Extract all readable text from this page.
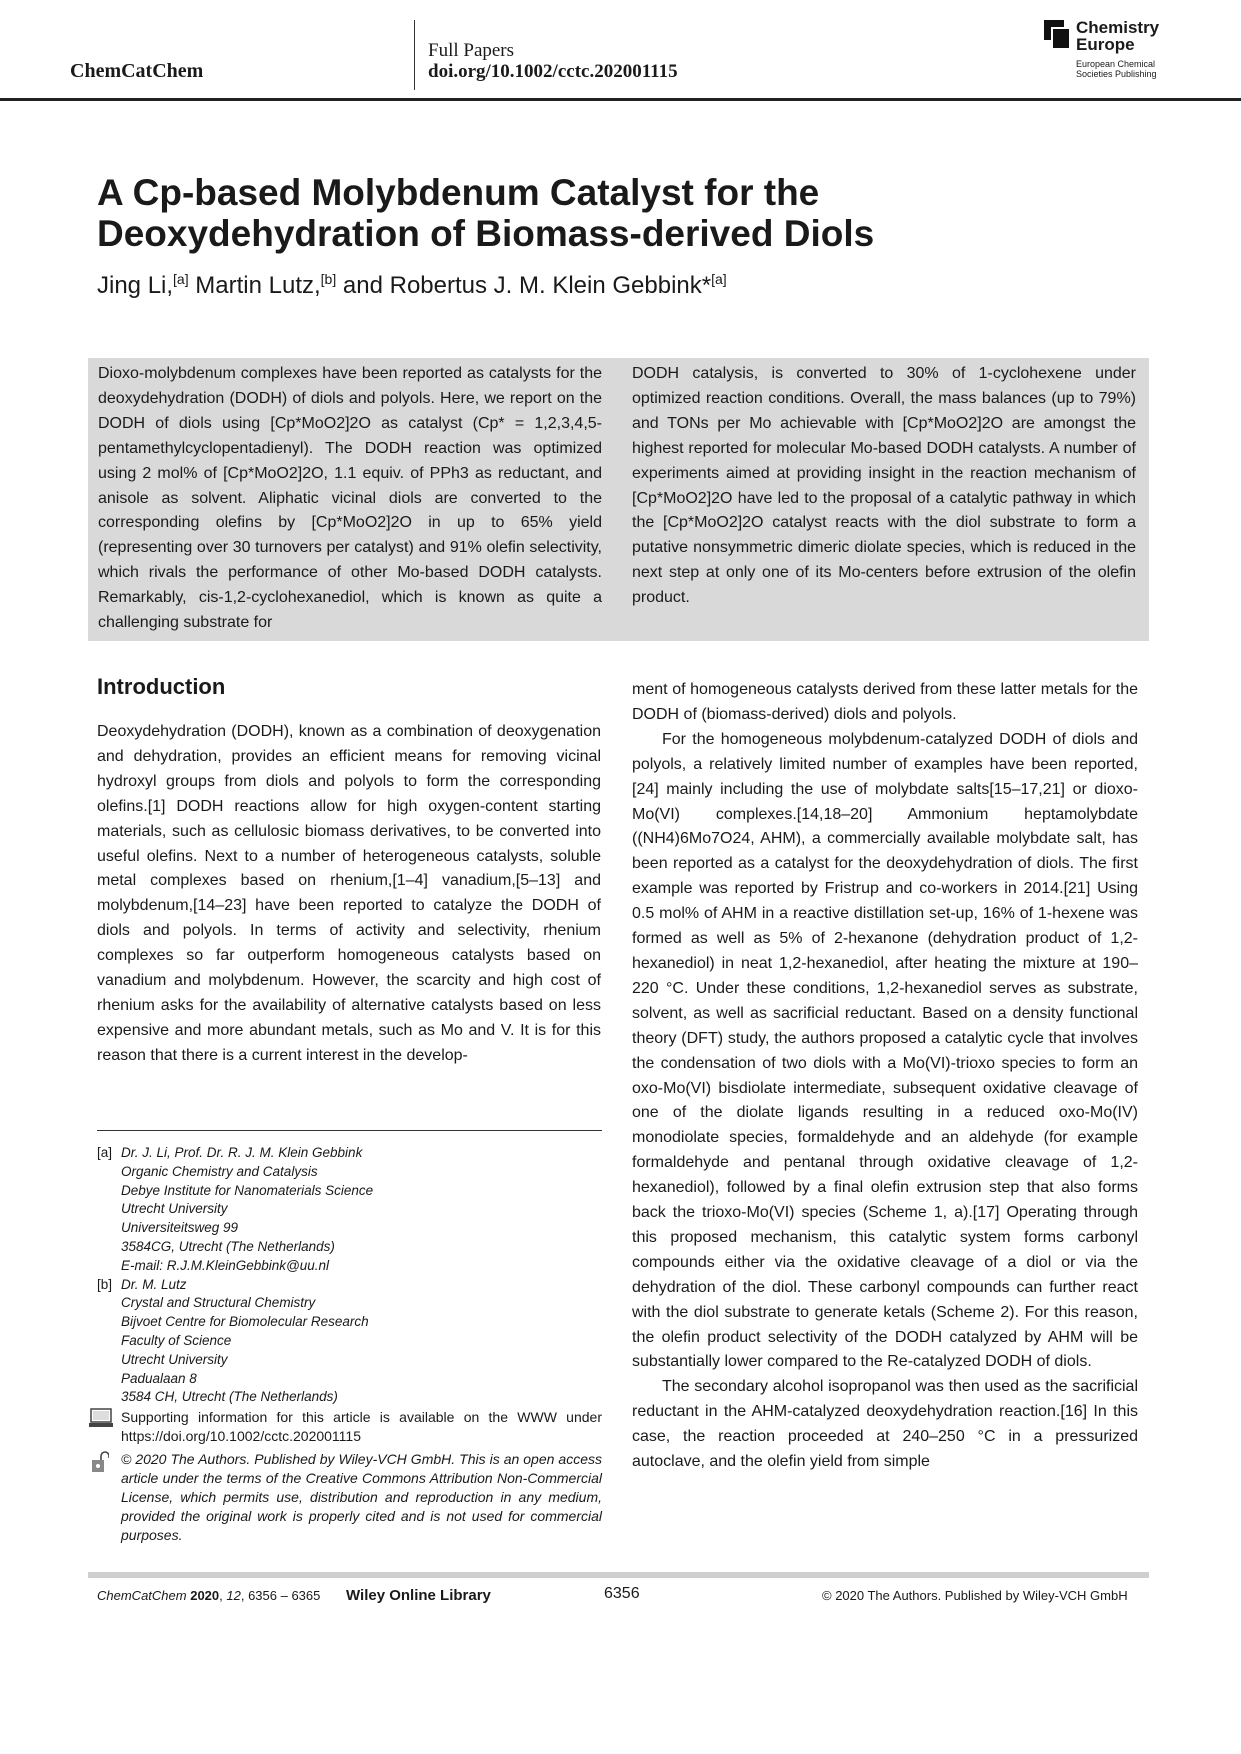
ChemCatChem
Full Papers
doi.org/10.1002/cctc.202001115
Chemistry
Europe
European Chemical
Societies Publishing
A Cp-based Molybdenum Catalyst for the
Deoxydehydration of Biomass-derived Diols
Jing Li,[a] Martin Lutz,[b] and Robertus J. M. Klein Gebbink*[a]
Dioxo-molybdenum complexes have been reported as catalysts for the deoxydehydration (DODH) of diols and polyols. Here, we report on the DODH of diols using [Cp*MoO2]2O as catalyst (Cp* = 1,2,3,4,5-pentamethylcyclopentadienyl). The DODH reaction was optimized using 2 mol% of [Cp*MoO2]2O, 1.1 equiv. of PPh3 as reductant, and anisole as solvent. Aliphatic vicinal diols are converted to the corresponding olefins by [Cp*MoO2]2O in up to 65% yield (representing over 30 turnovers per catalyst) and 91% olefin selectivity, which rivals the performance of other Mo-based DODH catalysts. Remarkably, cis-1,2-cyclohexanediol, which is known as quite a challenging substrate for
DODH catalysis, is converted to 30% of 1-cyclohexene under optimized reaction conditions. Overall, the mass balances (up to 79%) and TONs per Mo achievable with [Cp*MoO2]2O are amongst the highest reported for molecular Mo-based DODH catalysts. A number of experiments aimed at providing insight in the reaction mechanism of [Cp*MoO2]2O have led to the proposal of a catalytic pathway in which the [Cp*MoO2]2O catalyst reacts with the diol substrate to form a putative nonsymmetric dimeric diolate species, which is reduced in the next step at only one of its Mo-centers before extrusion of the olefin product.
Introduction

Deoxydehydration (DODH), known as a combination of deoxygenation and dehydration, provides an efficient means for removing vicinal hydroxyl groups from diols and polyols to form the corresponding olefins.[1] DODH reactions allow for high oxygen-content starting materials, such as cellulosic biomass derivatives, to be converted into useful olefins. Next to a number of heterogeneous catalysts, soluble metal complexes based on rhenium,[1–4] vanadium,[5–13] and molybdenum,[14–23] have been reported to catalyze the DODH of diols and polyols. In terms of activity and selectivity, rhenium complexes so far outperform homogeneous catalysts based on vanadium and molybdenum. However, the scarcity and high cost of rhenium asks for the availability of alternative catalysts based on less expensive and more abundant metals, such as Mo and V. It is for this reason that there is a current interest in the develop-

ment of homogeneous catalysts derived from these latter metals for the DODH of (biomass-derived) diols and polyols.

For the homogeneous molybdenum-catalyzed DODH of diols and polyols, a relatively limited number of examples have been reported,[24] mainly including the use of molybdate salts[15–17,21] or dioxo-Mo(VI) complexes.[14,18–20] Ammonium heptamolybdate ((NH4)6Mo7O24, AHM), a commercially available molybdate salt, has been reported as a catalyst for the deoxydehydration of diols. The first example was reported by Fristrup and co-workers in 2014.[21] Using 0.5 mol% of AHM in a reactive distillation set-up, 16% of 1-hexene was formed as well as 5% of 2-hexanone (dehydration product of 1,2-hexanediol) in neat 1,2-hexanediol, after heating the mixture at 190–220 °C. Under these conditions, 1,2-hexanediol serves as substrate, solvent, as well as sacrificial reductant. Based on a density functional theory (DFT) study, the authors proposed a catalytic cycle that involves the condensation of two diols with a Mo(VI)-trioxo species to form an oxo-Mo(VI) bisdiolate intermediate, subsequent oxidative cleavage of one of the diolate ligands resulting in a reduced oxo-Mo(IV) monodiolate species, formaldehyde and an aldehyde (for example formaldehyde and pentanal through oxidative cleavage of 1,2-hexanediol), followed by a final olefin extrusion step that also forms back the trioxo-Mo(VI) species (Scheme 1, a).[17] Operating through this proposed mechanism, this catalytic system forms carbonyl compounds either via the oxidative cleavage of a diol or via the dehydration of the diol. These carbonyl compounds can further react with the diol substrate to generate ketals (Scheme 2). For this reason, the olefin product selectivity of the DODH catalyzed by AHM will be substantially lower compared to the Re-catalyzed DODH of diols.

The secondary alcohol isopropanol was then used as the sacrificial reductant in the AHM-catalyzed deoxydehydration reaction.[16] In this case, the reaction proceeded at 240–250 °C in a pressurized autoclave, and the olefin yield from simple

[a] Dr. J. Li, Prof. Dr. R. J. M. Klein Gebbink
Organic Chemistry and Catalysis
Debye Institute for Nanomaterials Science
Utrecht University
Universiteitsweg 99
3584CG, Utrecht (The Netherlands)
E-mail: R.J.M.KleinGebbink@uu.nl
[b] Dr. M. Lutz
Crystal and Structural Chemistry
Bijvoet Centre for Biomolecular Research
Faculty of Science
Utrecht University
Padualaan 8
3584 CH, Utrecht (The Netherlands)
Supporting information for this article is available on the WWW under https://doi.org/10.1002/cctc.202001115
© 2020 The Authors. Published by Wiley-VCH GmbH. This is an open access article under the terms of the Creative Commons Attribution Non-Commercial License, which permits use, distribution and reproduction in any medium, provided the original work is properly cited and is not used for commercial purposes.
ChemCatChem 2020, 12, 6356 – 6365 Wiley Online Library	6356	© 2020 The Authors. Published by Wiley-VCH GmbH
